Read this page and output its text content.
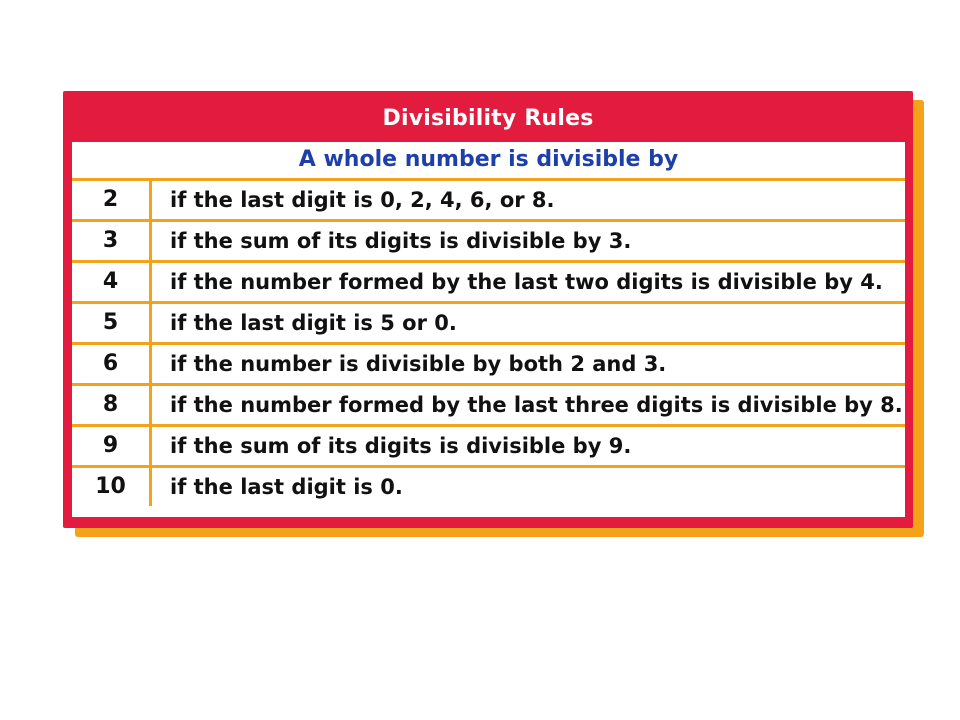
Divisibility Rules
A whole number is divisible by
2	if the last digit is 0, 2, 4, 6, or 8.
3	if the sum of its digits is divisible by 3.
4	if the number formed by the last two digits is divisible by 4.
5	if the last digit is 5 or 0.
6	if the number is divisible by both 2 and 3.
8	if the number formed by the last three digits is divisible by 8.
9	if the sum of its digits is divisible by 9.
10	if the last digit is 0.
